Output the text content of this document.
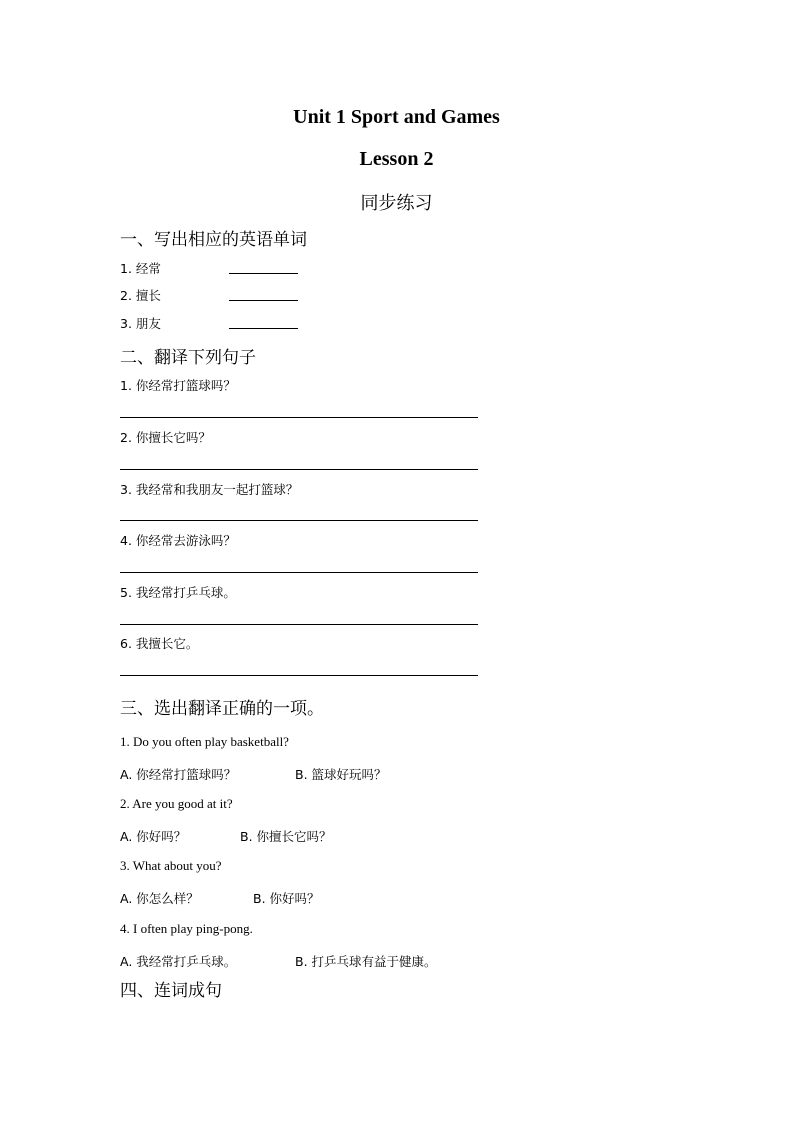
Unit 1 Sport and Games
Lesson 2
同步练习
一、写出相应的英语单词
1. 经常
2. 擅长
3. 朋友
二、翻译下列句子
1. 你经常打篮球吗？
2. 你擅长它吗？
3. 我经常和我朋友一起打篮球？
4. 你经常去游泳吗？
5. 我经常打乒乓球。
6. 我擅长它。
三、选出翻译正确的一项。
1. Do you often play basketball?
A. 你经常打篮球吗？	B. 篮球好玩吗？
2. Are you good at it?
A. 你好吗？	B. 你擅长它吗？
3. What about you?
A. 你怎么样？	B. 你好吗？
4. I often play ping-pong.
A. 我经常打乒乓球。	B. 打乒乓球有益于健康。
四、连词成句
